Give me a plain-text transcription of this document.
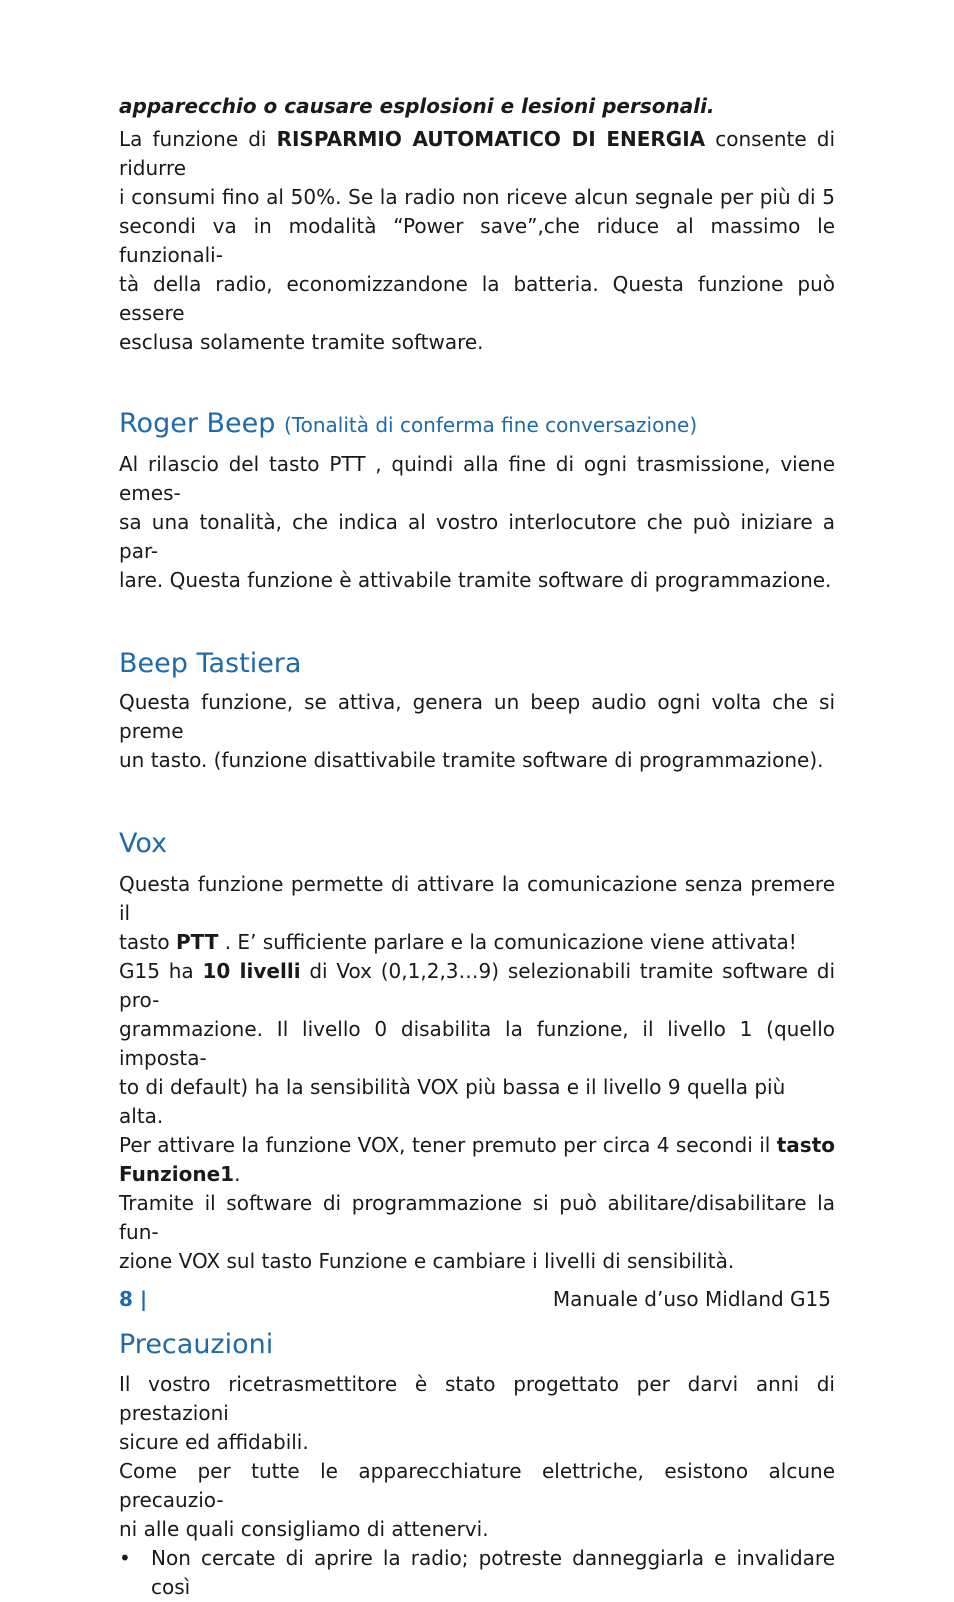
apparecchio o causare esplosioni e lesioni personali.

La funzione di RISPARMIO AUTOMATICO DI ENERGIA consente di ridurre

i consumi fino al 50%. Se la radio non riceve alcun segnale per più di 5

secondi va in modalità “Power save”,che riduce al massimo le funzionali-

tà della radio, economizzandone la batteria. Questa funzione può essere

esclusa solamente tramite software.

Roger Beep (Tonalità di conferma fine conversazione)

Al rilascio del tasto PTT , quindi alla fine di ogni trasmissione, viene emes-

sa una tonalità, che indica al vostro interlocutore che può iniziare a par-

lare. Questa funzione è attivabile tramite software di programmazione.

Beep Tastiera

Questa funzione, se attiva, genera un beep audio ogni volta che si preme

un tasto. (funzione disattivabile tramite software di programmazione).

Vox

Questa funzione permette di attivare la comunicazione senza premere il

tasto PTT . E’ sufficiente parlare e la comunicazione viene attivata!

G15 ha 10 livelli di Vox (0,1,2,3…9) selezionabili tramite software di pro-

grammazione. Il livello 0 disabilita la funzione, il livello 1 (quello imposta-

to di default) ha la sensibilità VOX più bassa e il livello 9 quella più alta.

Per attivare la funzione VOX, tener premuto per circa 4 secondi il tasto

Funzione1.

Tramite il software di programmazione si può abilitare/disabilitare la fun-

zione VOX sul tasto Funzione e cambiare i livelli di sensibilità.

Precauzioni

Il vostro ricetrasmettitore è stato progettato per darvi anni di prestazioni

sicure ed affidabili.

Come per tutte le apparecchiature elettriche, esistono alcune precauzio-

ni alle quali consigliamo di attenervi.

•	Non cercate di aprire la radio; potreste danneggiarla e invalidare così
8 |	Manuale d’uso Midland G15
